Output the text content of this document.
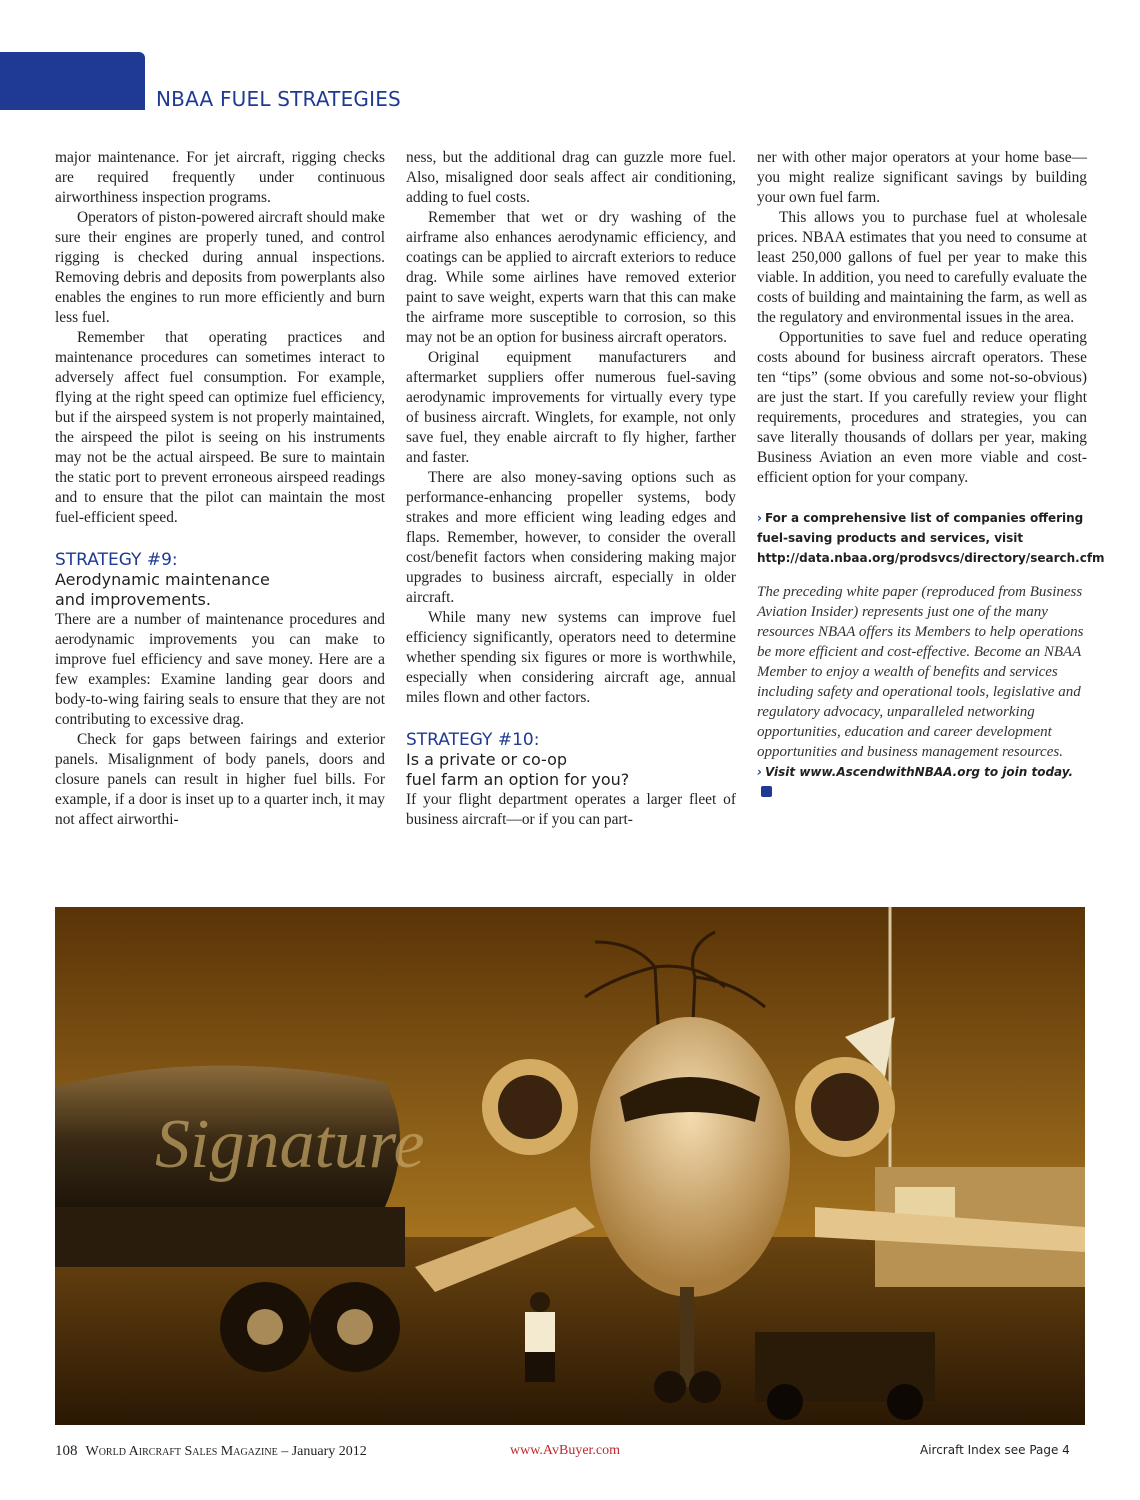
NBAA FUEL STRATEGIES

major maintenance. For jet aircraft, rigging checks are required frequently under continuous airworthiness inspection programs.

Operators of piston-powered aircraft should make sure their engines are properly tuned, and control rigging is checked during annual inspections. Removing debris and deposits from powerplants also enables the engines to run more efficiently and burn less fuel.

Remember that operating practices and maintenance procedures can sometimes interact to adversely affect fuel consumption. For example, flying at the right speed can optimize fuel efficiency, but if the airspeed system is not properly maintained, the airspeed the pilot is seeing on his instruments may not be the actual airspeed. Be sure to maintain the static port to prevent erroneous airspeed readings and to ensure that the pilot can maintain the most fuel-efficient speed.

STRATEGY #9:
Aerodynamic maintenance
and improvements.

There are a number of maintenance procedures and aerodynamic improvements you can make to improve fuel efficiency and save money. Here are a few examples: Examine landing gear doors and body-to-wing fairing seals to ensure that they are not contributing to excessive drag.

Check for gaps between fairings and exterior panels. Misalignment of body panels, doors and closure panels can result in higher fuel bills. For example, if a door is inset up to a quarter inch, it may not affect airworthi-

ness, but the additional drag can guzzle more fuel. Also, misaligned door seals affect air conditioning, adding to fuel costs.

Remember that wet or dry washing of the airframe also enhances aerodynamic efficiency, and coatings can be applied to aircraft exteriors to reduce drag. While some airlines have removed exterior paint to save weight, experts warn that this can make the airframe more susceptible to corrosion, so this may not be an option for business aircraft operators.

Original equipment manufacturers and aftermarket suppliers offer numerous fuel-saving aerodynamic improvements for virtually every type of business aircraft. Winglets, for example, not only save fuel, they enable aircraft to fly higher, farther and faster.

There are also money-saving options such as performance-enhancing propeller systems, body strakes and more efficient wing leading edges and flaps. Remember, however, to consider the overall cost/benefit factors when considering making major upgrades to business aircraft, especially in older aircraft.

While many new systems can improve fuel efficiency significantly, operators need to determine whether spending six figures or more is worthwhile, especially when considering aircraft age, annual miles flown and other factors.

STRATEGY #10:
Is a private or co-op
fuel farm an option for you?

If your flight department operates a larger fleet of business aircraft—or if you can part-

ner with other major operators at your home base—you might realize significant savings by building your own fuel farm.

This allows you to purchase fuel at wholesale prices. NBAA estimates that you need to consume at least 250,000 gallons of fuel per year to make this viable. In addition, you need to carefully evaluate the costs of building and maintaining the farm, as well as the regulatory and environmental issues in the area.

Opportunities to save fuel and reduce operating costs abound for business aircraft operators. These ten “tips” (some obvious and some not-so-obvious) are just the start. If you carefully review your flight requirements, procedures and strategies, you can save literally thousands of dollars per year, making Business Aviation an even more viable and cost-efficient option for your company.

› For a comprehensive list of companies offering
fuel-saving products and services, visit
http://data.nbaa.org/prodsvcs/directory/search.cfm
The preceding white paper (reproduced from Business Aviation Insider) represents just one of the many resources NBAA offers its Members to help operations be more efficient and cost-effective. Become an NBAA Member to enjoy a wealth of benefits and services including safety and operational tools, legislative and regulatory advocacy, unparalleled networking opportunities, education and career development opportunities and business management resources.
› Visit www.AscendwithNBAA.org to join today.
Signature
108 World Aircraft Sales Magazine – January 2012	www.AvBuyer.com	Aircraft Index see Page 4
